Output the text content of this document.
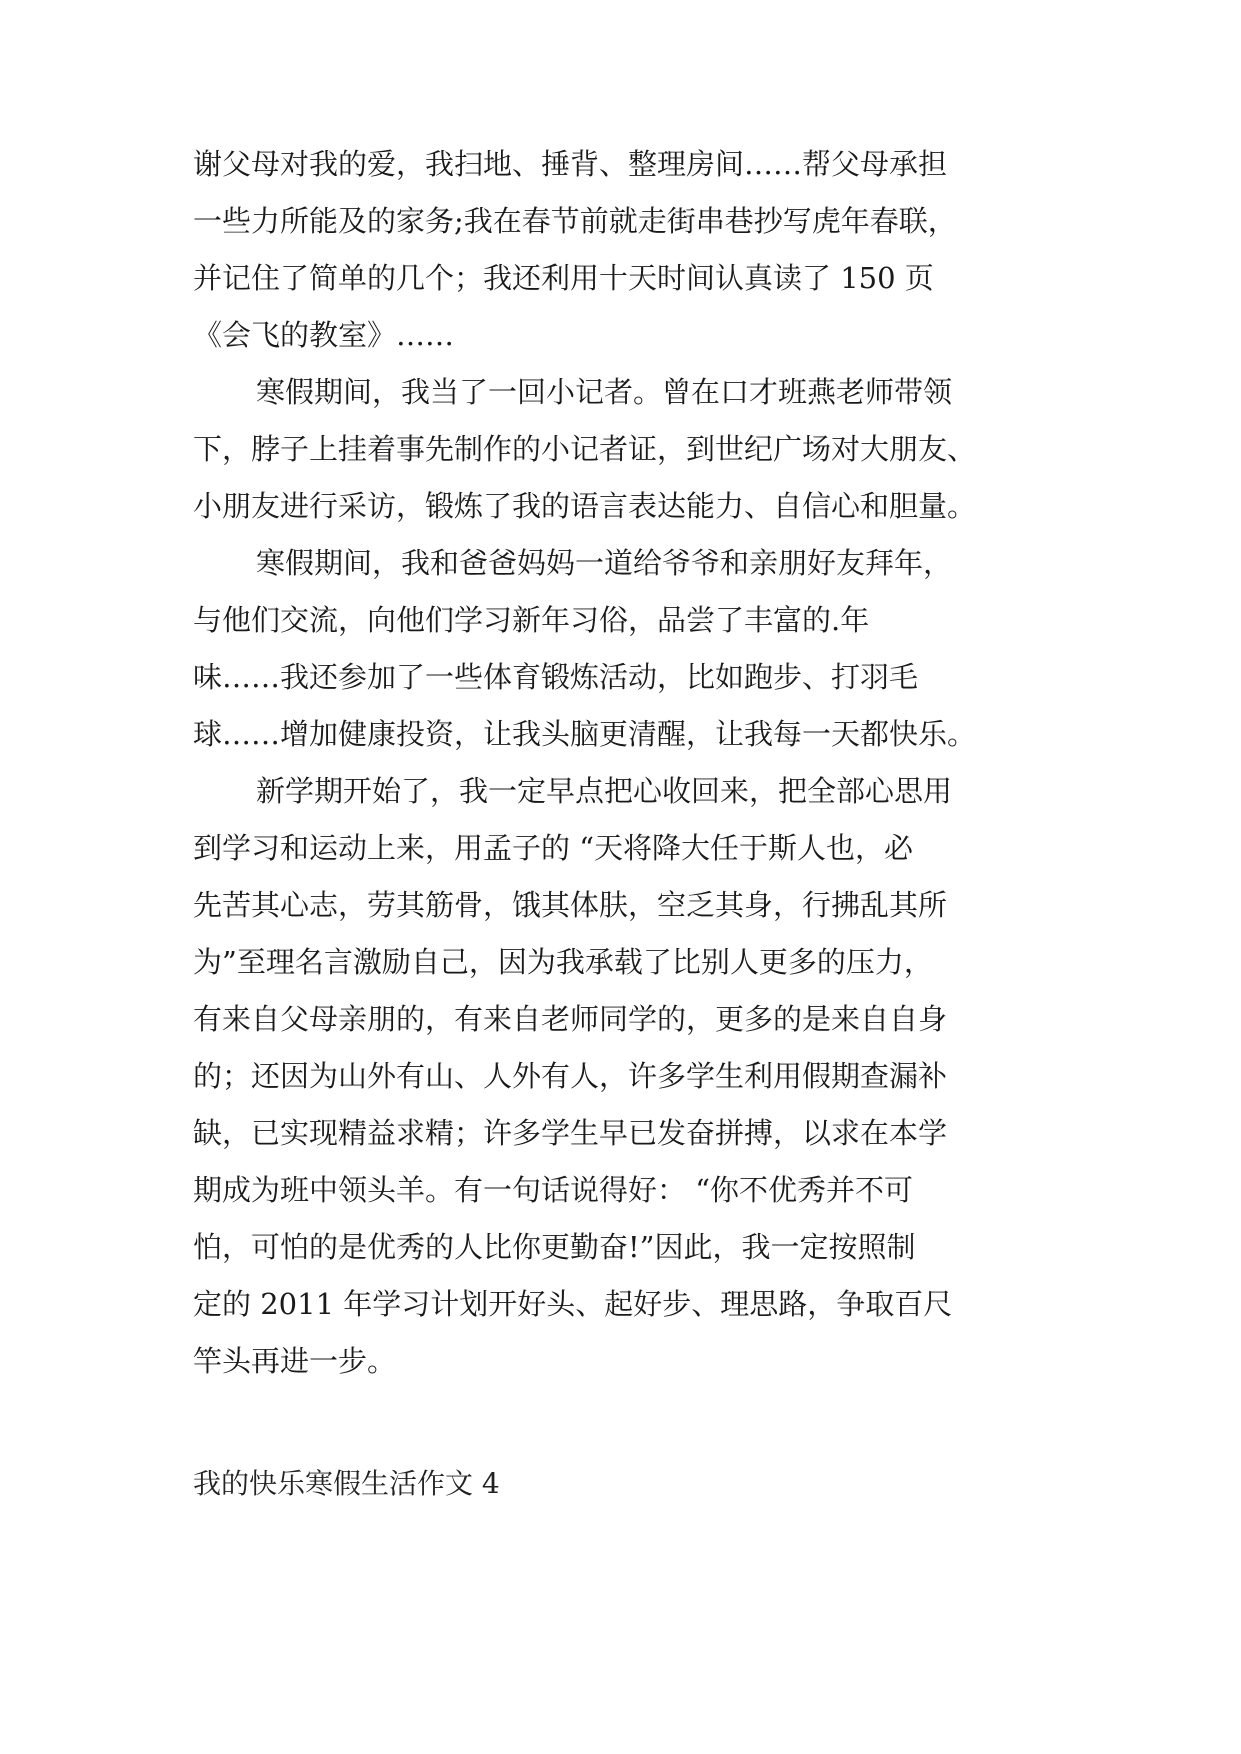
谢父母对我的爱，我扫地、捶背、整理房间……帮父母承担
一些力所能及的家务;我在春节前就走街串巷抄写虎年春联，
并记住了简单的几个；我还利用十天时间认真读了 150 页
《会飞的教室》……
寒假期间，我当了一回小记者。曾在口才班燕老师带领
下，脖子上挂着事先制作的小记者证，到世纪广场对大朋友、
小朋友进行采访，锻炼了我的语言表达能力、自信心和胆量。
寒假期间，我和爸爸妈妈一道给爷爷和亲朋好友拜年，
与他们交流，向他们学习新年习俗，品尝了丰富的.年
味……我还参加了一些体育锻炼活动，比如跑步、打羽毛
球……增加健康投资，让我头脑更清醒，让我每一天都快乐。
新学期开始了，我一定早点把心收回来，把全部心思用
到学习和运动上来，用孟子的 “天将降大任于斯人也，必
先苦其心志，劳其筋骨，饿其体肤，空乏其身，行拂乱其所
为”至理名言激励自己，因为我承载了比别人更多的压力，
有来自父母亲朋的，有来自老师同学的，更多的是来自自身
的；还因为山外有山、人外有人，许多学生利用假期查漏补
缺，已实现精益求精；许多学生早已发奋拼搏，以求在本学
期成为班中领头羊。有一句话说得好： “你不优秀并不可
怕，可怕的是优秀的人比你更勤奋!”因此，我一定按照制
定的 2011 年学习计划开好头、起好步、理思路，争取百尺
竿头再进一步。
我的快乐寒假生活作文 4
